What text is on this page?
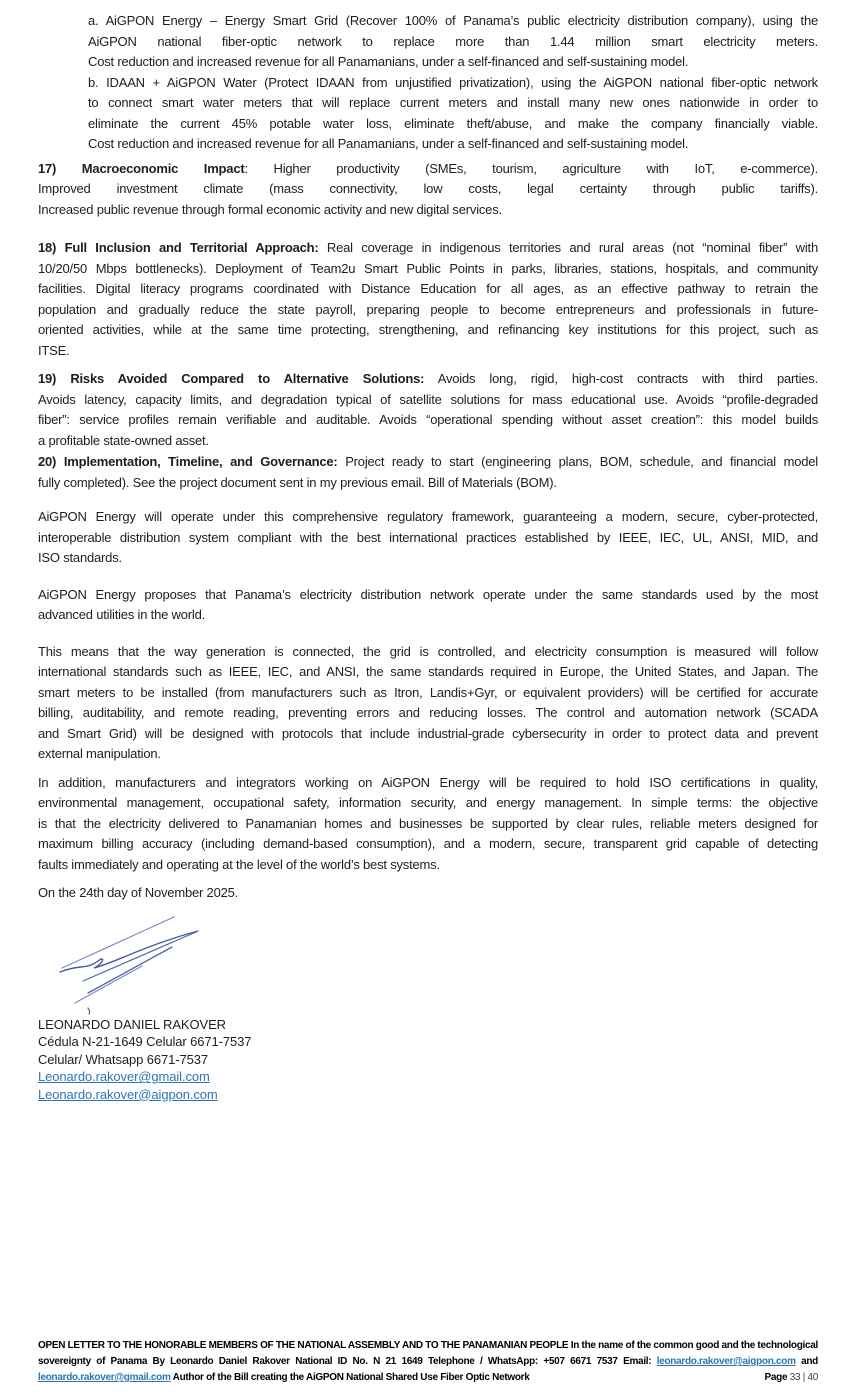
a. AiGPON Energy – Energy Smart Grid (Recover 100% of Panama’s public electricity distribution company), using the
AiGPON national fiber-optic network to replace more than 1.44 million smart electricity meters.
Cost reduction and increased revenue for all Panamanians, under a self-financed and self-sustaining model.
b. IDAAN + AiGPON Water (Protect IDAAN from unjustified privatization), using the AiGPON national fiber-optic network
to connect smart water meters that will replace current meters and install many new ones nationwide in order to
eliminate the current 45% potable water loss, eliminate theft/abuse, and make the company financially viable.
Cost reduction and increased revenue for all Panamanians, under a self-financed and self-sustaining model.
17) Macroeconomic Impact: Higher productivity (SMEs, tourism, agriculture with IoT, e-commerce).
Improved investment climate (mass connectivity, low costs, legal certainty through public tariffs).
Increased public revenue through formal economic activity and new digital services.
18) Full Inclusion and Territorial Approach: Real coverage in indigenous territories and rural areas (not “nominal fiber” with
10/20/50 Mbps bottlenecks). Deployment of Team2u Smart Public Points in parks, libraries, stations, hospitals, and community
facilities. Digital literacy programs coordinated with Distance Education for all ages, as an effective pathway to retrain the
population and gradually reduce the state payroll, preparing people to become entrepreneurs and professionals in future-
oriented activities, while at the same time protecting, strengthening, and refinancing key institutions for this project, such as
ITSE.
19) Risks Avoided Compared to Alternative Solutions: Avoids long, rigid, high-cost contracts with third parties.
Avoids latency, capacity limits, and degradation typical of satellite solutions for mass educational use. Avoids “profile-degraded
fiber”: service profiles remain verifiable and auditable. Avoids “operational spending without asset creation”: this model builds
a profitable state-owned asset.
20) Implementation, Timeline, and Governance: Project ready to start (engineering plans, BOM, schedule, and financial model
fully completed). See the project document sent in my previous email. Bill of Materials (BOM).
AiGPON Energy will operate under this comprehensive regulatory framework, guaranteeing a modern, secure, cyber-protected,
interoperable distribution system compliant with the best international practices established by IEEE, IEC, UL, ANSI, MID, and
ISO standards.
AiGPON Energy proposes that Panama’s electricity distribution network operate under the same standards used by the most
advanced utilities in the world.
This means that the way generation is connected, the grid is controlled, and electricity consumption is measured will follow
international standards such as IEEE, IEC, and ANSI, the same standards required in Europe, the United States, and Japan. The
smart meters to be installed (from manufacturers such as Itron, Landis+Gyr, or equivalent providers) will be certified for accurate
billing, auditability, and remote reading, preventing errors and reducing losses. The control and automation network (SCADA
and Smart Grid) will be designed with protocols that include industrial-grade cybersecurity in order to protect data and prevent
external manipulation.
In addition, manufacturers and integrators working on AiGPON Energy will be required to hold ISO certifications in quality,
environmental management, occupational safety, information security, and energy management. In simple terms: the objective
is that the electricity delivered to Panamanian homes and businesses be supported by clear rules, reliable meters designed for
maximum billing accuracy (including demand-based consumption), and a modern, secure, transparent grid capable of detecting
faults immediately and operating at the level of the world’s best systems.
On the 24th day of November 2025.
LEONARDO DANIEL RAKOVER
Cédula N-21-1649 Celular 6671-7537
Celular/ Whatsapp 6671-7537
Leonardo.rakover@gmail.com
Leonardo.rakover@aigpon.com
OPEN LETTER TO THE HONORABLE MEMBERS OF THE NATIONAL ASSEMBLY AND TO THE PANAMANIAN PEOPLE In the name of the common good and the technological
sovereignty of Panama By Leonardo Daniel Rakover National ID No. N 21 1649 Telephone / WhatsApp: +507 6671 7537 Email: leonardo.rakover@aigpon.com and
leonardo.rakover@gmail.com Author of the Bill creating the AiGPON National Shared Use Fiber Optic Network	Page 33 | 40
